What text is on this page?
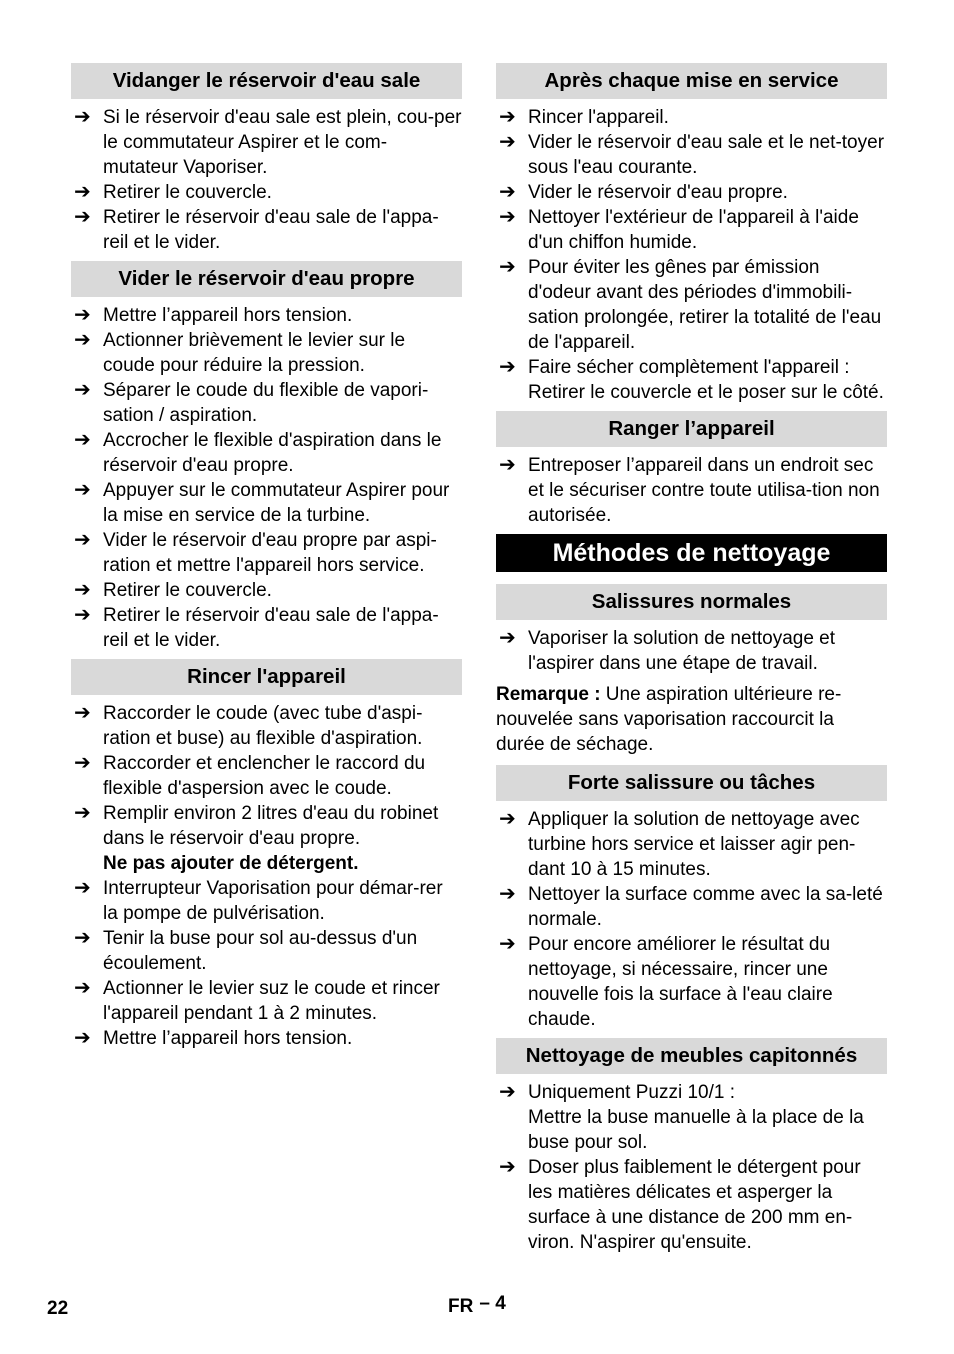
Vidanger le réservoir d'eau sale
➔ Si le réservoir d'eau sale est plein, cou-per le commutateur Aspirer et le com-mutateur Vaporiser.
➔ Retirer le couvercle.
➔ Retirer le réservoir d'eau sale de l'appa-reil et le vider.
Vider le réservoir d'eau propre
➔ Mettre l’appareil hors tension.
➔ Actionner brièvement le levier sur le coude pour réduire la pression.
➔ Séparer le coude du flexible de vapori-sation / aspiration.
➔ Accrocher le flexible d'aspiration dans le réservoir d'eau propre.
➔ Appuyer sur le commutateur Aspirer pour la mise en service de la turbine.
➔ Vider le réservoir d'eau propre par aspi-ration et mettre l'appareil hors service.
➔ Retirer le couvercle.
➔ Retirer le réservoir d'eau sale de l'appa-reil et le vider.
Rincer l'appareil
➔ Raccorder le coude (avec tube d'aspi-ration et buse) au flexible d'aspiration.
➔ Raccorder et enclencher le raccord du flexible d'aspersion avec le coude.
➔ Remplir environ 2 litres d'eau du robinet dans le réservoir d'eau propre.
Ne pas ajouter de détergent.
➔ Interrupteur Vaporisation pour démar-rer la pompe de pulvérisation.
➔ Tenir la buse pour sol au-dessus d'un écoulement.
➔ Actionner le levier suz le coude et rincer l'appareil pendant 1 à 2 minutes.
➔ Mettre l’appareil hors tension.
Après chaque mise en service
➔ Rincer l'appareil.
➔ Vider le réservoir d'eau sale et le net-toyer sous l'eau courante.
➔ Vider le réservoir d'eau propre.
➔ Nettoyer l'extérieur de l'appareil à l'aide d'un chiffon humide.
➔ Pour éviter les gênes par émission d'odeur avant des périodes d'immobili-sation prolongée, retirer la totalité de l'eau de l'appareil.
➔ Faire sécher complètement l'appareil : Retirer le couvercle et le poser sur le côté.
Ranger l’appareil
➔ Entreposer l’appareil dans un endroit sec et le sécuriser contre toute utilisa-tion non autorisée.
Méthodes de nettoyage
Salissures normales
➔ Vaporiser la solution de nettoyage et l'aspirer dans une étape de travail.

Remarque : Une aspiration ultérieure re-nouvelée sans vaporisation raccourcit la durée de séchage.

Forte salissure ou tâches
➔ Appliquer la solution de nettoyage avec turbine hors service et laisser agir pen-dant 10 à 15 minutes.
➔ Nettoyer la surface comme avec la sa-leté normale.
➔ Pour encore améliorer le résultat du nettoyage, si nécessaire, rincer une nouvelle fois la surface à l'eau claire chaude.
Nettoyage de meubles capitonnés
➔ Uniquement Puzzi 10/1 :
Mettre la buse manuelle à la place de la buse pour sol.
➔ Doser plus faiblement le détergent pour les matières délicates et asperger la surface à une distance de 200 mm en-viron. N'aspirer qu'ensuite.
22	FR – 4
